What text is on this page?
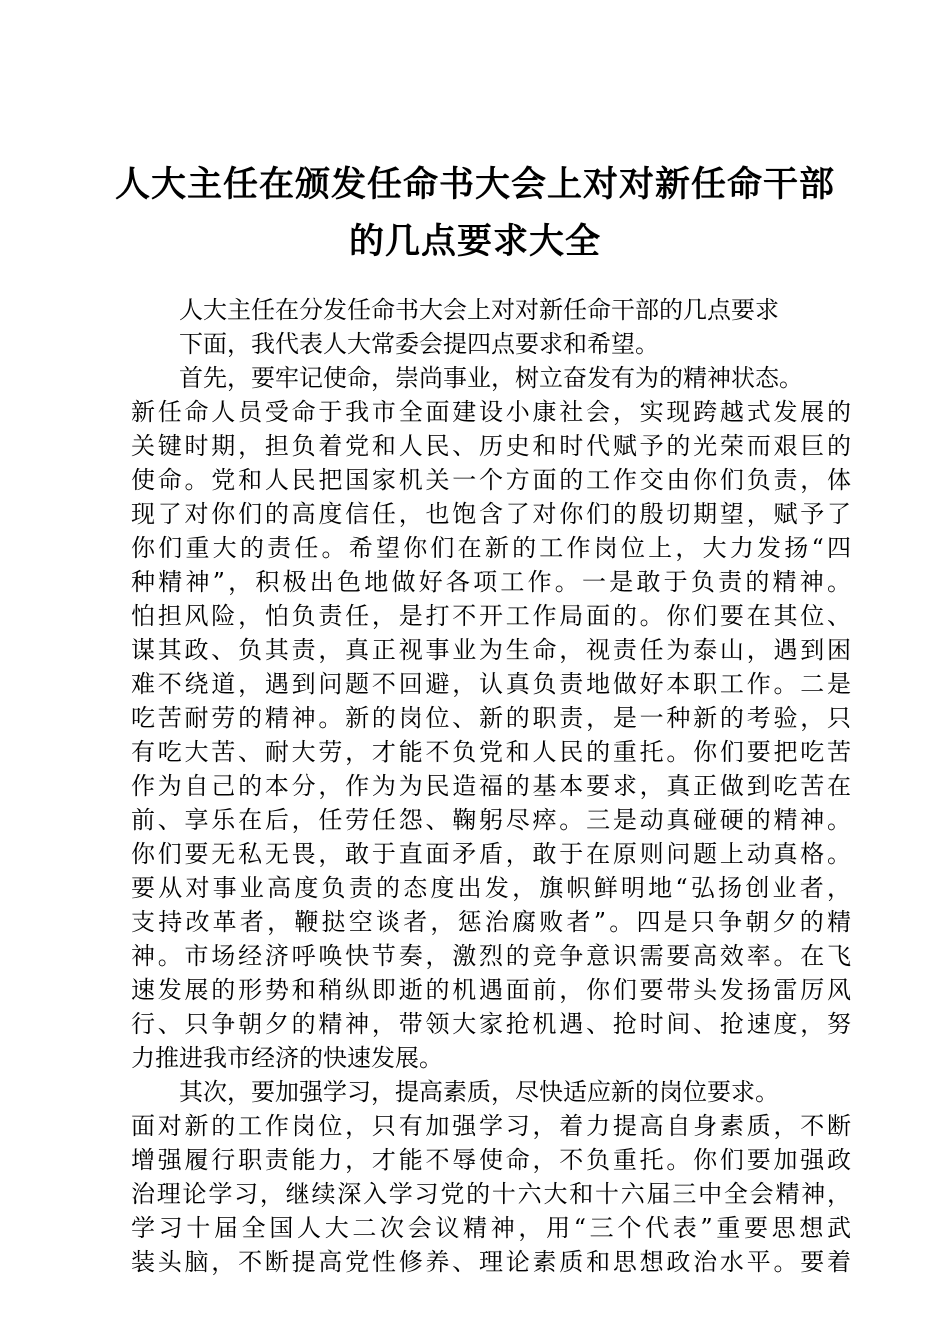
人大主任在颁发任命书大会上对对新任命干部
的几点要求大全
人大主任在分发任命书大会上对对新任命干部的几点要求
下面，我代表人大常委会提四点要求和希望。
首先，要牢记使命，崇尚事业，树立奋发有为的精神状态。
新任命人员受命于我市全面建设小康社会，实现跨越式发展的
关键时期，担负着党和人民、历史和时代赋予的光荣而艰巨的
使命。党和人民把国家机关一个方面的工作交由你们负责，体
现了对你们的高度信任，也饱含了对你们的殷切期望，赋予了
你们重大的责任。希望你们在新的工作岗位上，大力发扬“四
种精神”，积极出色地做好各项工作。一是敢于负责的精神。
怕担风险，怕负责任，是打不开工作局面的。你们要在其位、
谋其政、负其责，真正视事业为生命，视责任为泰山，遇到困
难不绕道，遇到问题不回避，认真负责地做好本职工作。二是
吃苦耐劳的精神。新的岗位、新的职责，是一种新的考验，只
有吃大苦、耐大劳，才能不负党和人民的重托。你们要把吃苦
作为自己的本分，作为为民造福的基本要求，真正做到吃苦在
前、享乐在后，任劳任怨、鞠躬尽瘁。三是动真碰硬的精神。
你们要无私无畏，敢于直面矛盾，敢于在原则问题上动真格。
要从对事业高度负责的态度出发，旗帜鲜明地“弘扬创业者，
支持改革者，鞭挞空谈者，惩治腐败者”。四是只争朝夕的精
神。市场经济呼唤快节奏，激烈的竞争意识需要高效率。在飞
速发展的形势和稍纵即逝的机遇面前，你们要带头发扬雷厉风
行、只争朝夕的精神，带领大家抢机遇、抢时间、抢速度，努
力推进我市经济的快速发展。
其次，要加强学习，提高素质，尽快适应新的岗位要求。
面对新的工作岗位，只有加强学习，着力提高自身素质，不断
增强履行职责能力，才能不辱使命，不负重托。你们要加强政
治理论学习，继续深入学习党的十六大和十六届三中全会精神，
学习十届全国人大二次会议精神，用“三个代表”重要思想武
装头脑，不断提高党性修养、理论素质和思想政治水平。要着
